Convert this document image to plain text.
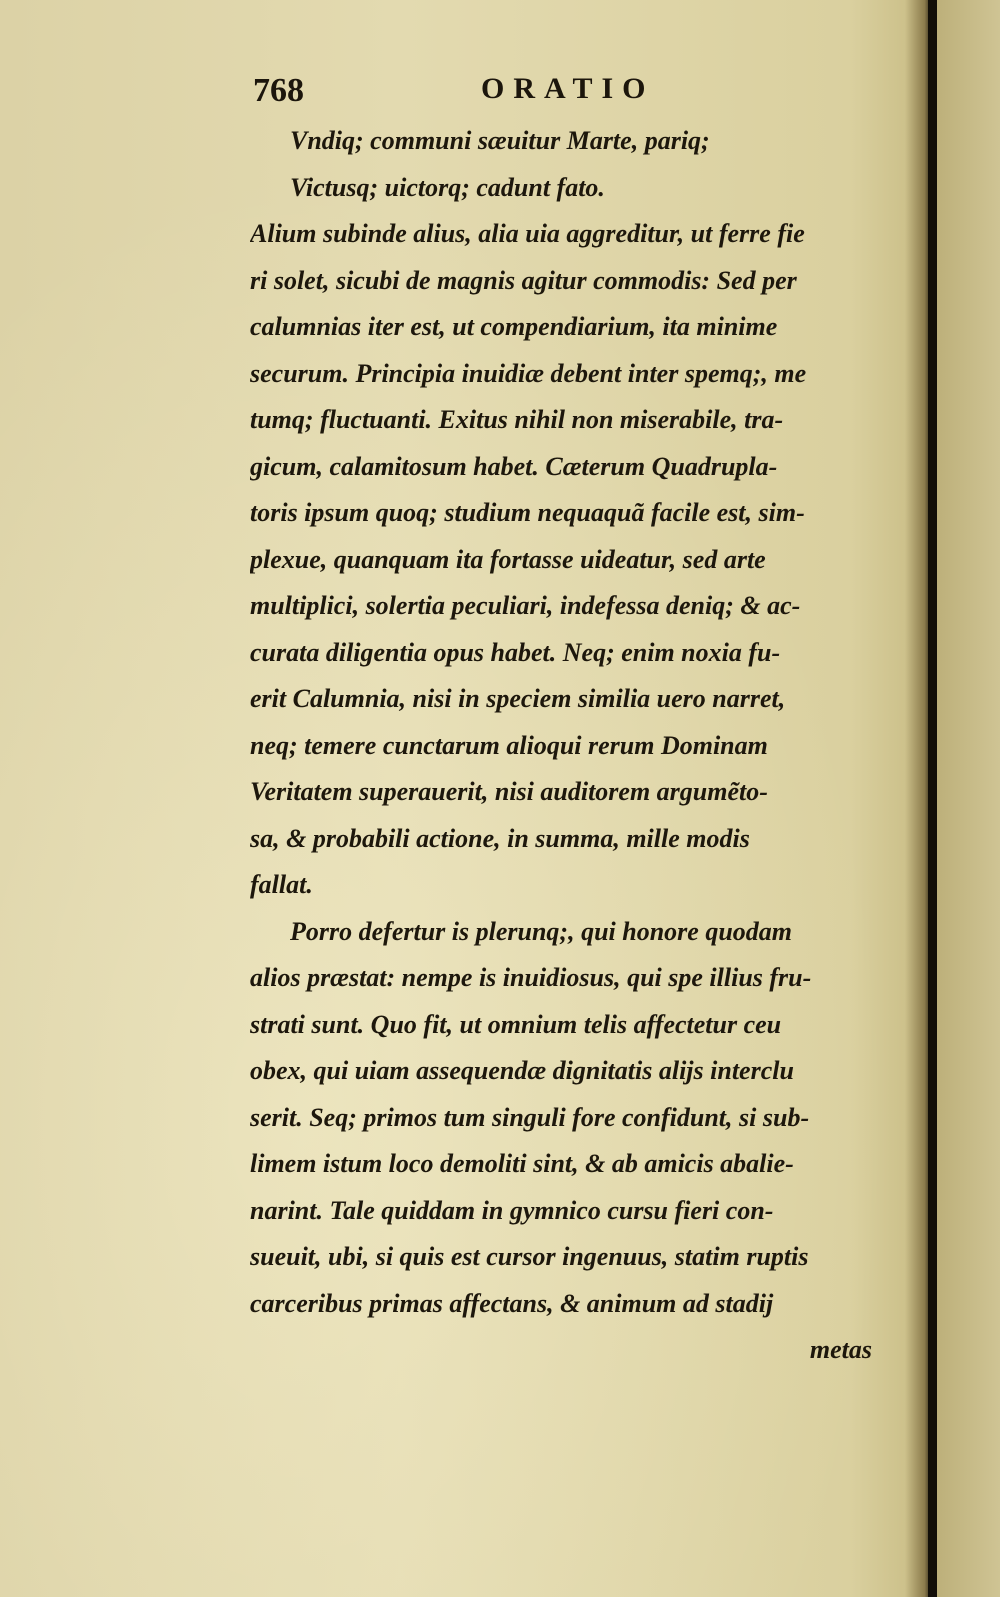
768	ORATIO
Vndiq; communi sæuitur Marte, pariq;
Victusq; uictorq; cadunt fato.
Alium subinde alius, alia uia aggreditur, ut ferre fie
ri solet, sicubi de magnis agitur commodis: Sed per
calumnias iter est, ut compendiarium, ita minime
securum. Principia inuidiæ debent inter spemq;, me
tumq; fluctuanti. Exitus nihil non miserabile, tra-
gicum, calamitosum habet. Cæterum Quadrupla-
toris ipsum quoq; studium nequaquã facile est, sim-
plexue, quanquam ita fortasse uideatur, sed arte
multiplici, solertia peculiari, indefessa deniq; & ac-
curata diligentia opus habet. Neq; enim noxia fu-
erit Calumnia, nisi in speciem similia uero narret,
neq; temere cunctarum alioqui rerum Dominam
Veritatem superauerit, nisi auditorem argumẽto-
sa, & probabili actione, in summa, mille modis
fallat.
Porro defertur is plerunq;, qui honore quodam
alios præstat: nempe is inuidiosus, qui spe illius fru-
strati sunt. Quo fit, ut omnium telis affectetur ceu
obex, qui uiam assequendæ dignitatis alijs interclu
serit. Seq; primos tum singuli fore confidunt, si sub-
limem istum loco demoliti sint, & ab amicis abalie-
narint. Tale quiddam in gymnico cursu fieri con-
sueuit, ubi, si quis est cursor ingenuus, statim ruptis
carceribus primas affectans, & animum ad stadij
metas
